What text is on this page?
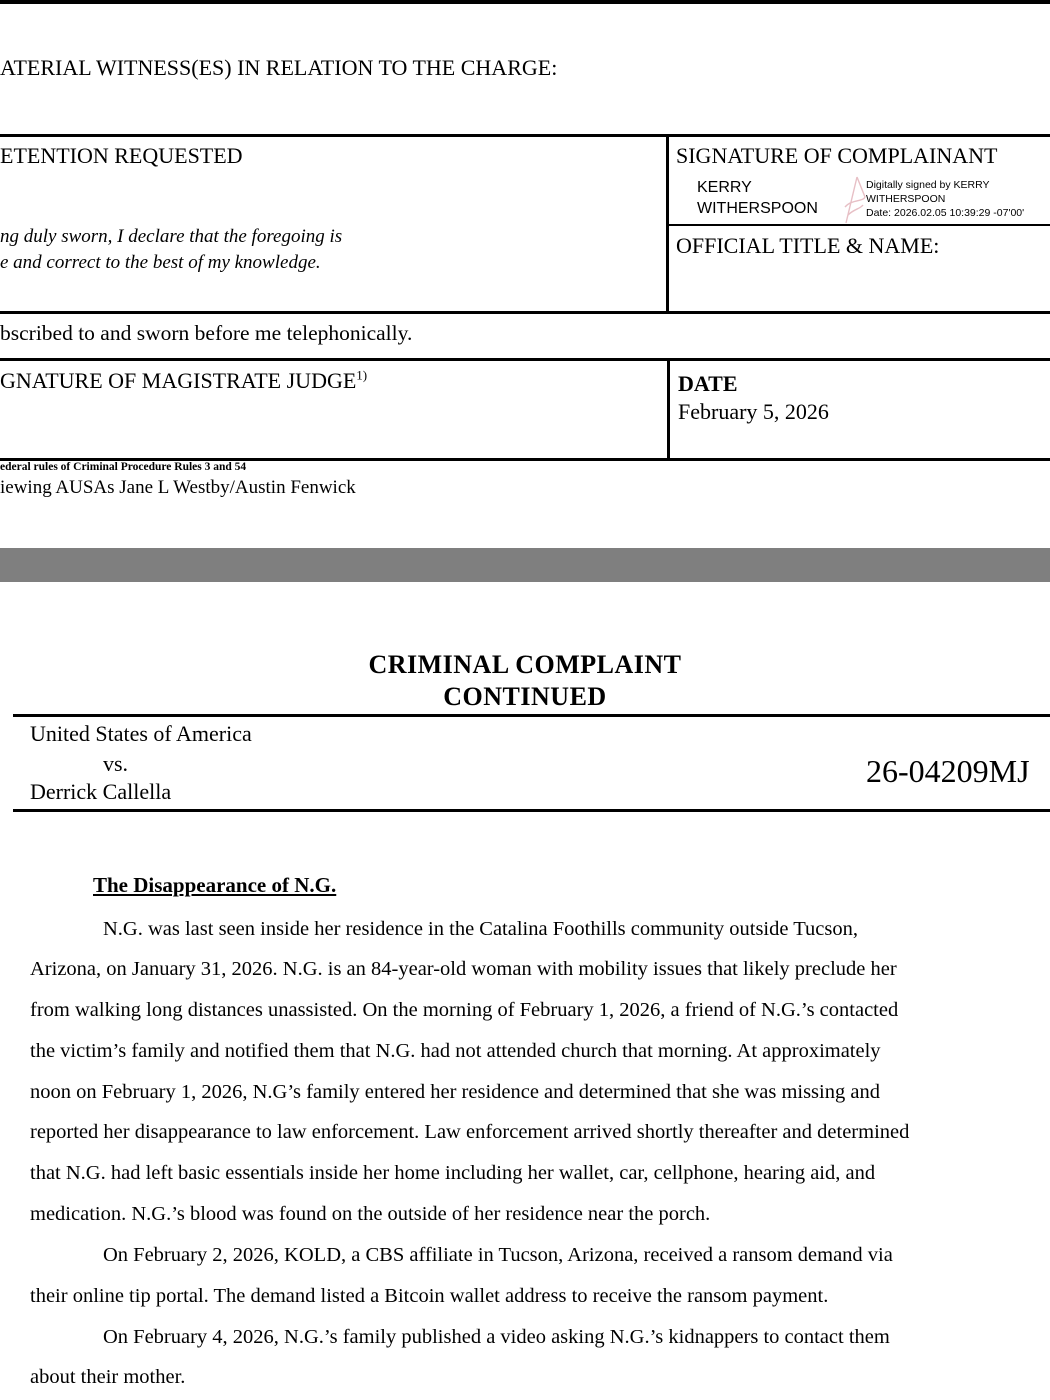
ATERIAL WITNESS(ES) IN RELATION TO THE CHARGE:
ETENTION REQUESTED
ng duly sworn, I declare that the foregoing is
e and correct to the best of my knowledge.
SIGNATURE OF COMPLAINANT
KERRY WITHERSPOON
Digitally signed by KERRY
WITHERSPOON
Date: 2026.02.05 10:39:29 -07'00'
OFFICIAL TITLE & NAME:
bscribed to and sworn before me telephonically.
GNATURE OF MAGISTRATE JUDGE$^{1)}$	DATE
February 5, 2026
ederal rules of Criminal Procedure Rules 3 and 54
iewing AUSAs Jane L Westby/Austin Fenwick
CRIMINAL COMPLAINT
CONTINUED
United States of America
vs.
Derrick Callella
26-04209MJ
The Disappearance of N.G.
N.G. was last seen inside her residence in the Catalina Foothills community outside Tucson,
Arizona, on January 31, 2026. N.G. is an 84-year-old woman with mobility issues that likely preclude her
from walking long distances unassisted. On the morning of February 1, 2026, a friend of N.G.’s contacted
the victim’s family and notified them that N.G. had not attended church that morning. At approximately
noon on February 1, 2026, N.G’s family entered her residence and determined that she was missing and
reported her disappearance to law enforcement. Law enforcement arrived shortly thereafter and determined
that N.G. had left basic essentials inside her home including her wallet, car, cellphone, hearing aid, and
medication. N.G.’s blood was found on the outside of her residence near the porch.
On February 2, 2026, KOLD, a CBS affiliate in Tucson, Arizona, received a ransom demand via
their online tip portal. The demand listed a Bitcoin wallet address to receive the ransom payment.
On February 4, 2026, N.G.’s family published a video asking N.G.’s kidnappers to contact them
about their mother.
